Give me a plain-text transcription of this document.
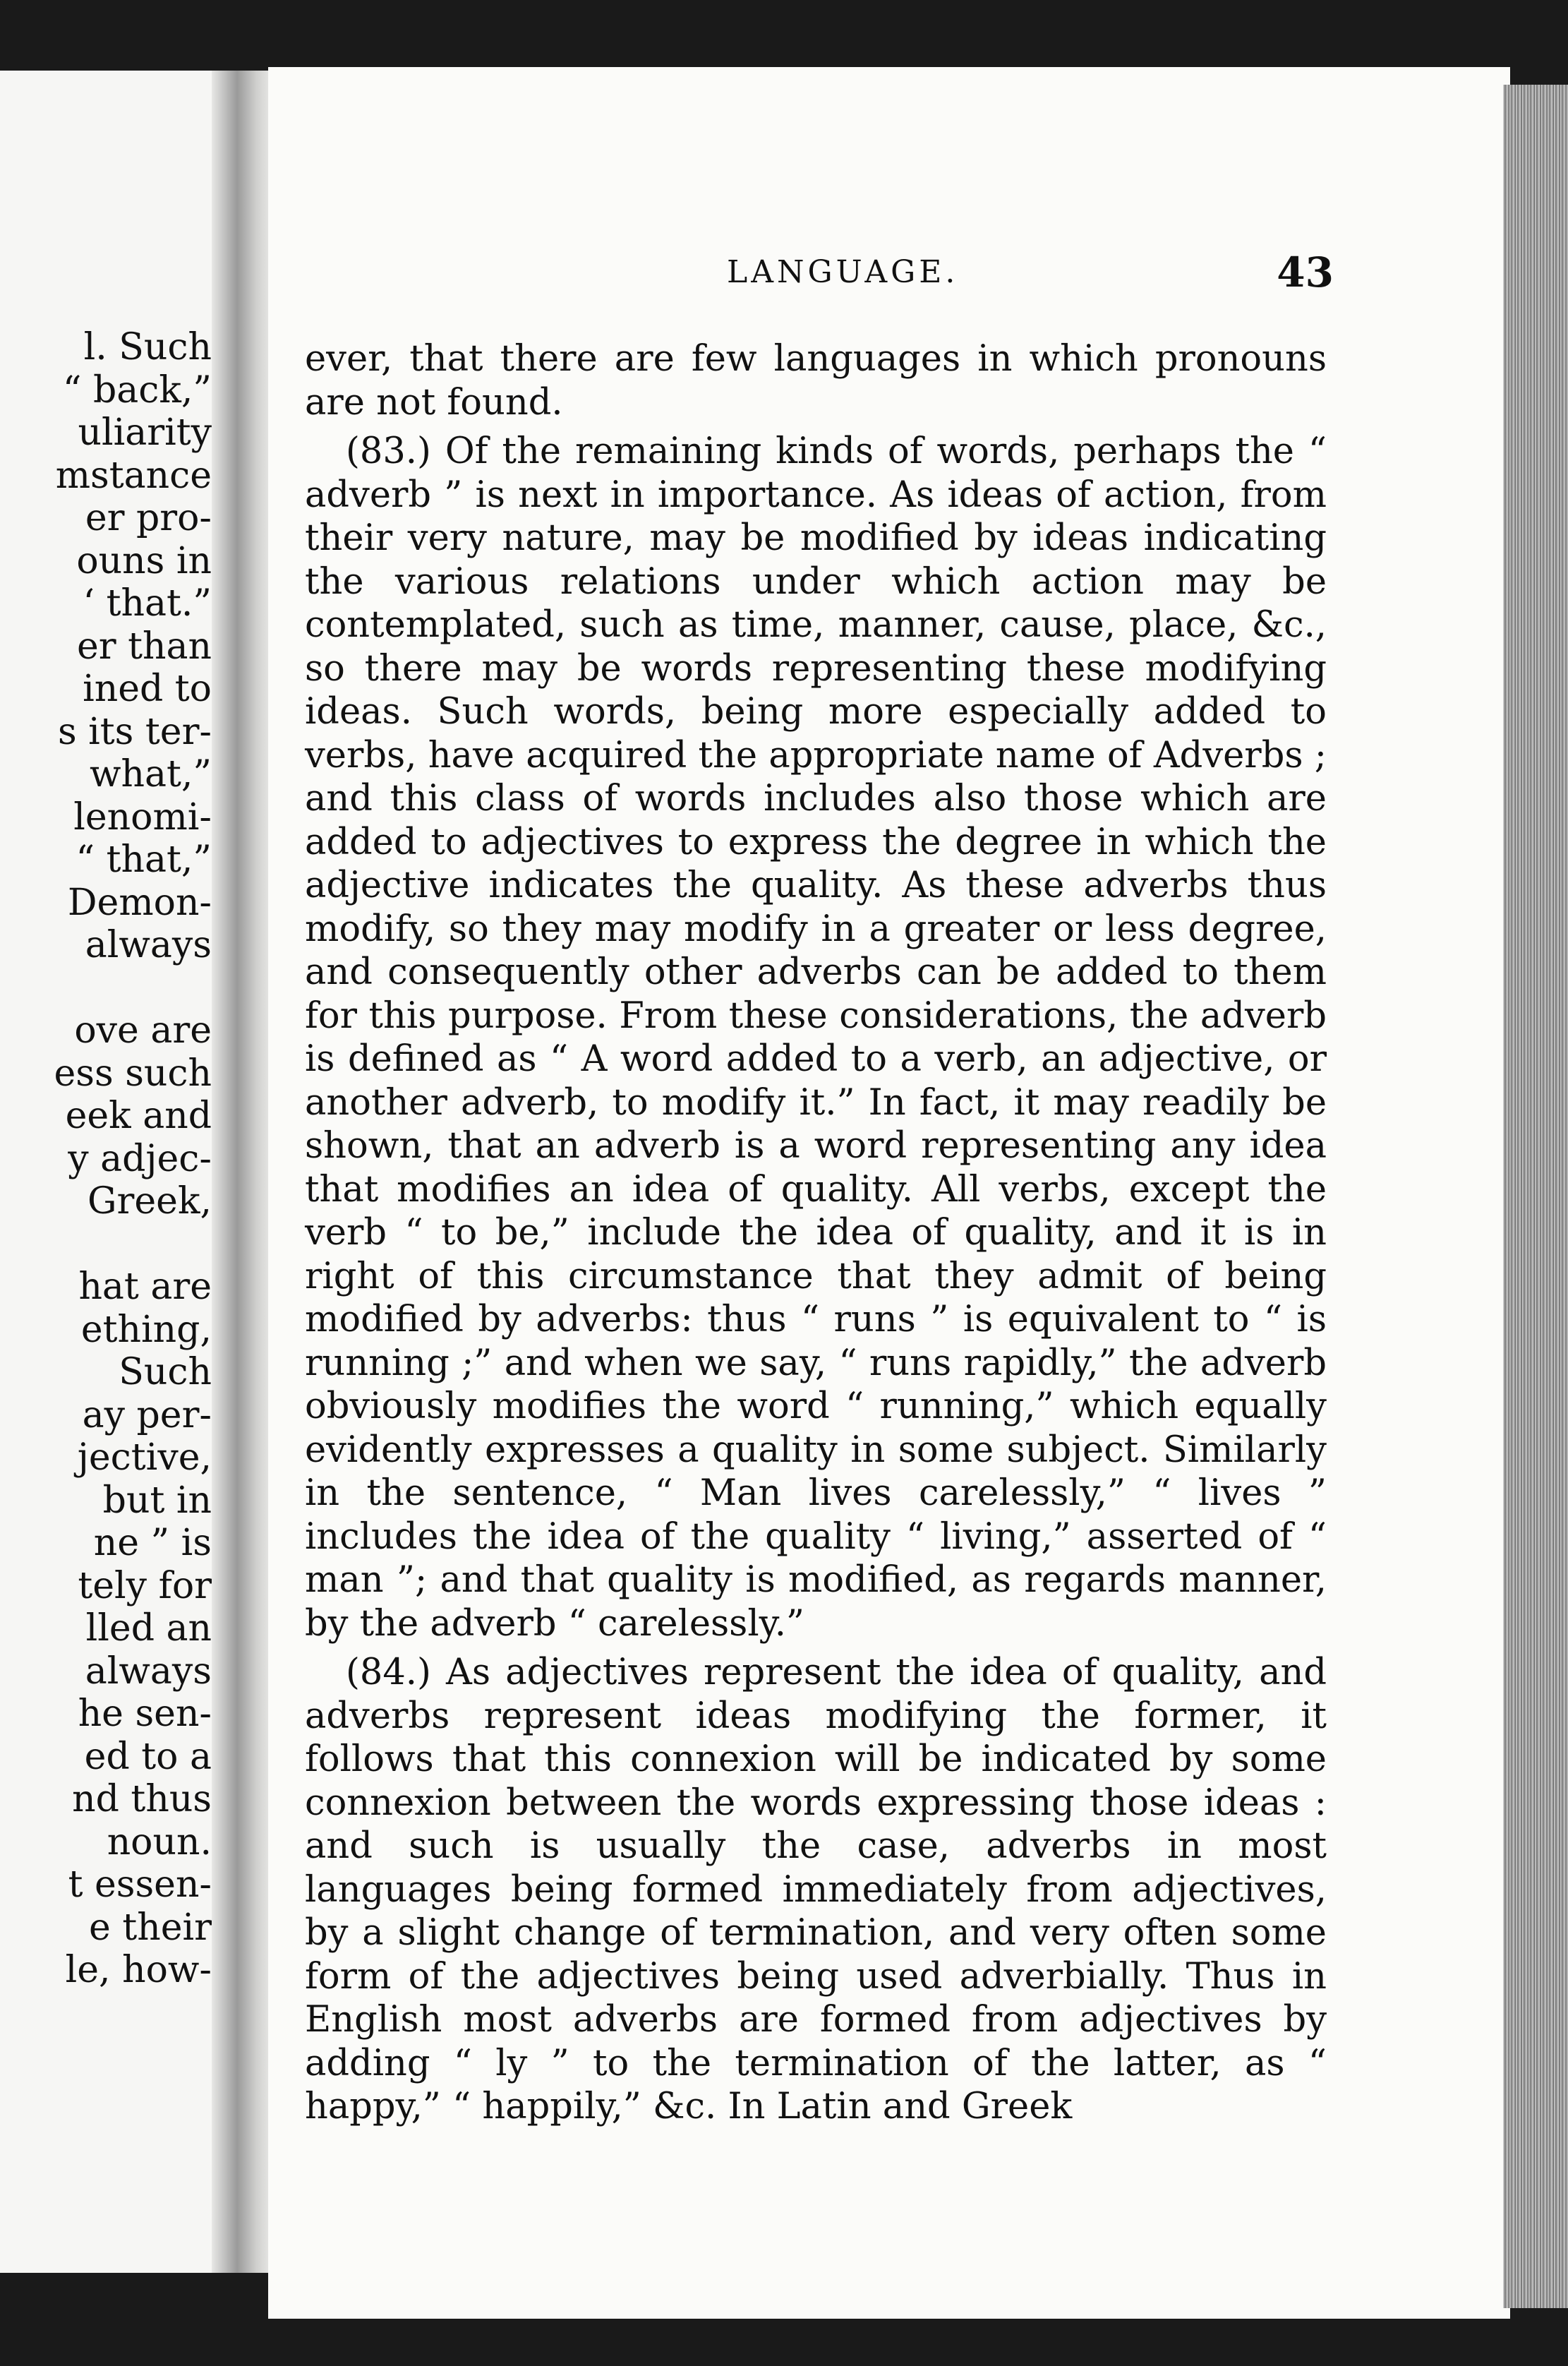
l. Such
“ back,”
uliarity
mstance
er pro-
ouns in
‘ that.”
er than
ined to
s its ter-
what,”
lenomi-
“ that,”
Demon-
always
ove are
ess such
eek and
y adjec-
Greek,
hat are
ething,
Such
ay per-
jective,
but in
ne ” is
tely for
lled an
always
he sen-
ed to a
nd thus
noun.
t essen-
e their
le, how-
LANGUAGE.	43

ever, that there are few languages in which pronouns are not found.

(83.) Of the remaining kinds of words, perhaps the “ adverb ” is next in importance. As ideas of action, from their very nature, may be modified by ideas indicating the various relations under which action may be contemplated, such as time, manner, cause, place, &c., so there may be words representing these modifying ideas. Such words, being more especially added to verbs, have acquired the appropriate name of Adverbs ; and this class of words includes also those which are added to adjectives to express the degree in which the adjective indicates the quality. As these adverbs thus modify, so they may modify in a greater or less degree, and consequently other adverbs can be added to them for this purpose. From these considerations, the adverb is defined as “ A word added to a verb, an adjective, or another adverb, to modify it.” In fact, it may readily be shown, that an adverb is a word representing any idea that modifies an idea of quality. All verbs, except the verb “ to be,” include the idea of quality, and it is in right of this circumstance that they admit of being modified by adverbs: thus “ runs ” is equivalent to “ is running ;” and when we say, “ runs rapidly,” the adverb obviously modifies the word “ running,” which equally evidently expresses a quality in some subject. Similarly in the sentence, “ Man lives carelessly,” “ lives ” includes the idea of the quality “ living,” asserted of “ man ”; and that quality is modified, as regards manner, by the adverb “ carelessly.”

(84.) As adjectives represent the idea of quality, and adverbs represent ideas modifying the former, it follows that this connexion will be indicated by some connexion between the words expressing those ideas : and such is usually the case, adverbs in most languages being formed immediately from adjectives, by a slight change of termination, and very often some form of the adjectives being used adverbially. Thus in English most adverbs are formed from adjectives by adding “ ly ” to the termination of the latter, as “ happy,” “ happily,” &c. In Latin and Greek
